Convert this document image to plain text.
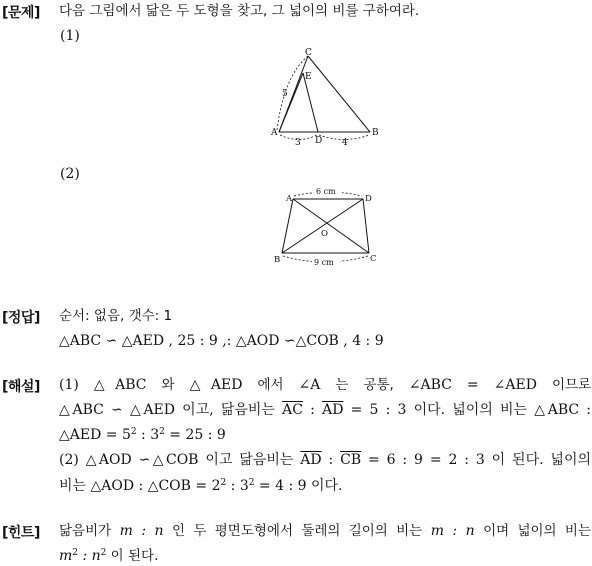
[문제] 다음 그림에서 닮은 두 도형을 찾고, 그 넓이의 비를 구하여라.
(1)
C
E
A
D
B
5
3	4
(2)
A	D
B	C
O
6 cm
9 cm
[정답] 순서: 없음, 갯수: 1
△ABC ∽ △AED , 25 : 9 ,: △AOD ∽△COB , 4 : 9
[해설] (1) △ABC 와 △AED 에서 ∠A 는 공통, ∠ABC = ∠AED 이므로
△ABC ∽ △AED 이고, 닮음비는 $\overline{AC}$ : $\overline{AD} = 5$ : 3 이다. 넓이의 비는 △ABC :
△AED = $5^2$ : $3^2 = 25$ : 9
(2) △AOD ∽△COB 이고 닮음비는 $\overline{AD}$ : $\overline{CB} = 6$ : 9 = 2 : 3 이 된다. 넓이의
비는 △AOD : △COB = $2^2$ : $3^2 = 4$ : 9 이다.
[힌트] 닮음비가 m : n 인 두 평면도형에서 둘레의 길이의 비는 m : n 이며 넓이의 비는
$m^2$ : $n^2$ 이 된다.
